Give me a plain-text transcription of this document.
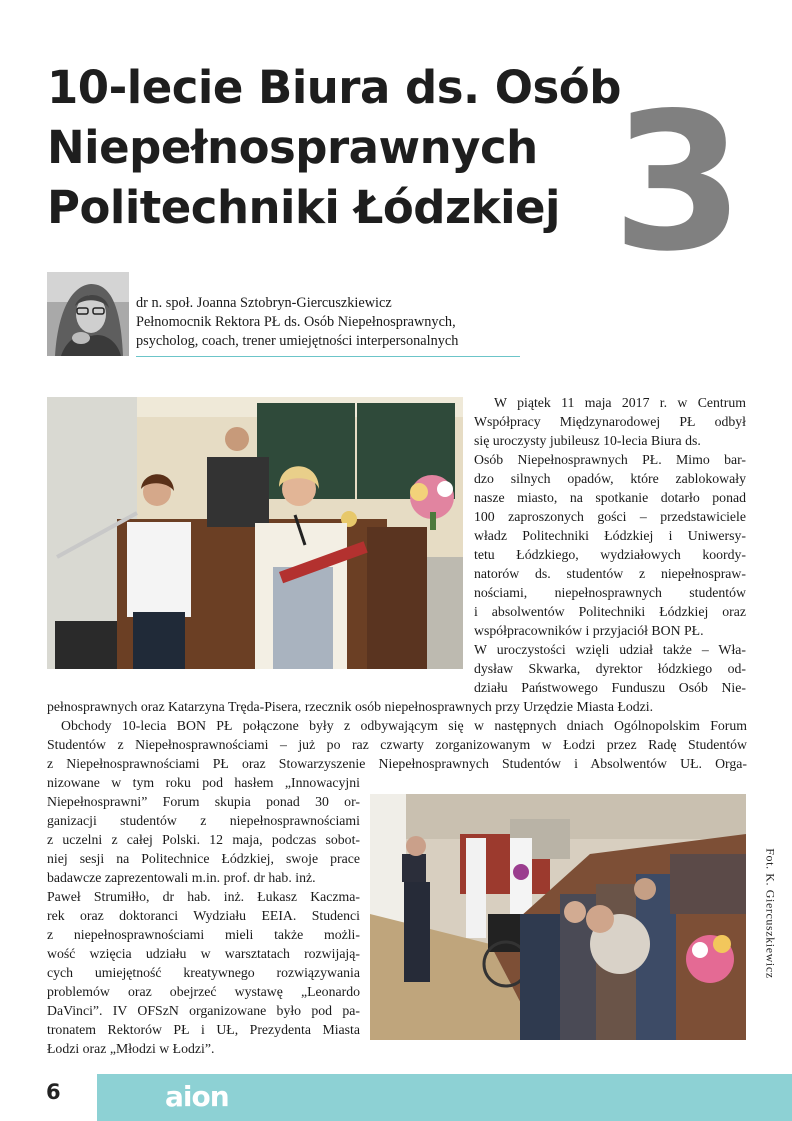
10-lecie Biura ds. Osób
Niepełnosprawnych
Politechniki Łódzkiej 3
dr n. społ. Joanna Sztobryn-Giercuszkiewicz
Pełnomocnik Rektora PŁ ds. Osób Niepełnosprawnych,
psycholog, coach, trener umiejętności interpersonalnych
W piątek 11 maja 2017 r. w Centrum
Współpracy Międzynarodowej PŁ odbył
się uroczysty jubileusz 10-lecia Biura ds.
Osób Niepełnosprawnych PŁ. Mimo bar-
dzo silnych opadów, które zablokowały
nasze miasto, na spotkanie dotarło ponad
100 zaproszonych gości – przedstawiciele
władz Politechniki Łódzkiej i Uniwersy-
tetu Łódzkiego, wydziałowych koordy-
natorów ds. studentów z niepełnospraw-
nościami, niepełnosprawnych studentów
i absolwentów Politechniki Łódzkiej oraz
współpracowników i przyjaciół BON PŁ.
W uroczystości wzięli udział także – Wła-
dysław Skwarka, dyrektor łódzkiego od-
działu Państwowego Funduszu Osób Nie-
pełnosprawnych oraz Katarzyna Tręda-Pisera, rzecznik osób niepełnosprawnych przy Urzędzie Miasta Łodzi.
Obchody 10-lecia BON PŁ połączone były z odbywającym się w następnych dniach Ogólnopolskim Forum
Studentów z Niepełnosprawnościami – już po raz czwarty zorganizowanym w Łodzi przez Radę Studentów
z Niepełnosprawnościami PŁ oraz Stowarzyszenie Niepełnosprawnych Studentów i Absolwentów UŁ. Orga-
nizowane w tym roku pod hasłem „Innowacyjni
Niepełnosprawni” Forum skupia ponad 30 or-
ganizacji studentów z niepełnosprawnościami
z uczelni z całej Polski. 12 maja, podczas sobot-
niej sesji na Politechnice Łódzkiej, swoje prace
badawcze zaprezentowali m.in. prof. dr hab. inż.
Paweł Strumiłło, dr hab. inż. Łukasz Kaczma-
rek oraz doktoranci Wydziału EEIA. Studenci
z niepełnosprawnościami mieli także możli-
wość wzięcia udziału w warsztatach rozwijają-
cych umiejętność kreatywnego rozwiązywania
problemów oraz obejrzeć wystawę „Leonardo
DaVinci”. IV OFSzN organizowane było pod pa-
tronatem Rektorów PŁ i UŁ, Prezydenta Miasta
Łodzi oraz „Młodzi w Łodzi”.
Fot. K. Giercuszkiewicz
6	aion
